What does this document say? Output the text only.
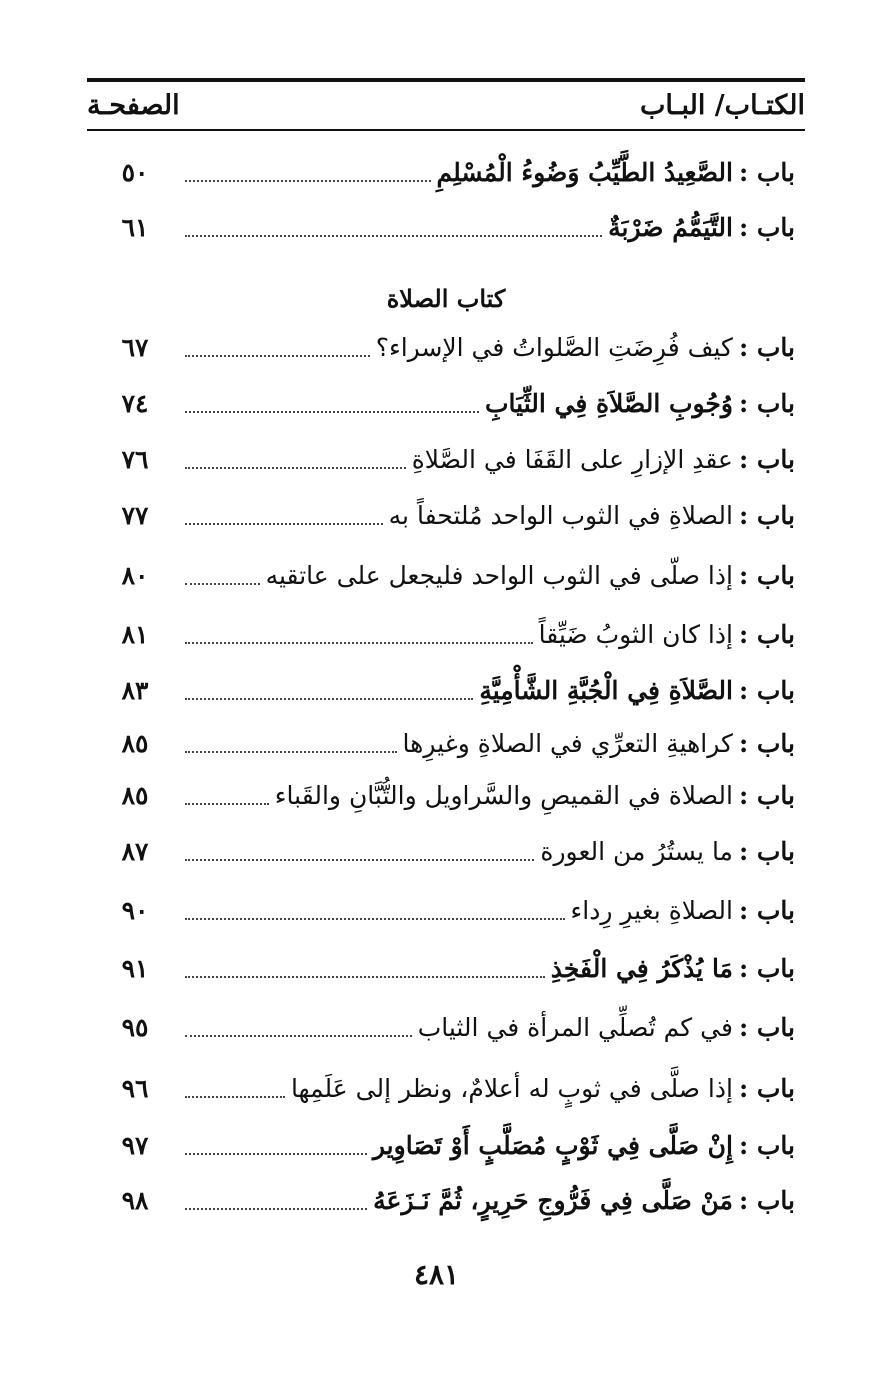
الكتـاب/ البـاب
الصفحـة
باب :
الصَّعِيدُ الطَّيِّبُ وَضُوءُ الْمُسْلِمِ
٥٠
باب :
التَّيَمُّمُ ضَرْبَةٌ
٦١
كتاب الصلاة
باب :
كيف فُرِضَتِ الصَّلواتُ في الإسراء؟
٦٧
باب :
وُجُوبِ الصَّلاَةِ فِي الثِّيَابِ
٧٤
باب :
عقدِ الإزارِ على القَفَا في الصَّلاةِ
٧٦
باب :
الصلاةِ في الثوب الواحد مُلتحفاً به
٧٧
باب :
إذا صلّى في الثوب الواحد فليجعل على عاتقيه
٨٠
باب :
إذا كان الثوبُ ضَيِّقاً
٨١
باب :
الصَّلاَةِ فِي الْجُبَّةِ الشَّأْمِيَّةِ
٨٣
باب :
كراهيةِ التعرِّي في الصلاةِ وغيرِها
٨٥
باب :
الصلاة في القميصِ والسَّراويل والتُّبَّانِ والقَباء
٨٥
باب :
ما يستُرُ من العورة
٨٧
باب :
الصلاةِ بغيرِ رِداء
٩٠
باب :
مَا يُذْكَرُ فِي الْفَخِذِ
٩١
باب :
في كم تُصلِّي المرأة في الثياب
٩٥
باب :
إذا صلَّى في ثوبٍ له أعلامٌ، ونظر إلى عَلَمِها
٩٦
باب :
إِنْ صَلَّى فِي ثَوْبٍ مُصَلَّبٍ أَوْ تَصَاوِير
٩٧
باب :
مَنْ صَلَّى فِي فَرُّوجِ حَرِيرٍ، ثُمَّ نَـزَعَهُ
٩٨
٤٨١
